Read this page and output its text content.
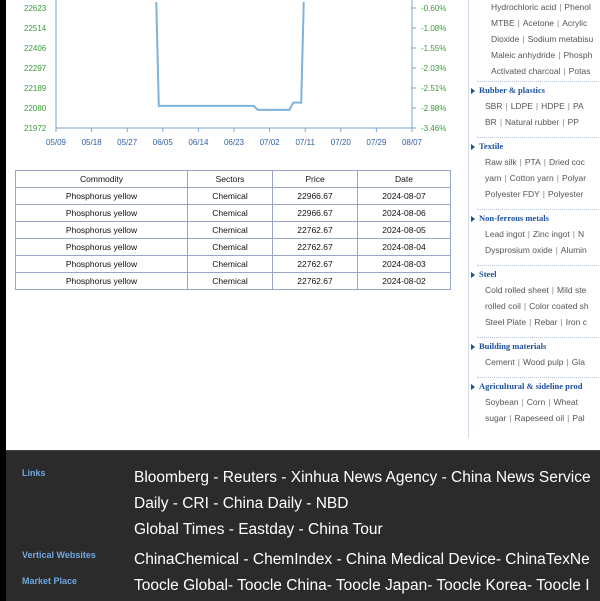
22623	-0.60%
22514	-1.08%
22406	-1.55%
22297	-2.03%
22189	-2.51%
22080	-2.98%
21972	-3.46%
05/09 05/18 05/27 06/05 06/14 06/23 07/02 07/11 07/20 07/29 08/07
Commodity	Sectors	Price	Date
Phosphorus yellow	Chemical	22966.67	2024-08-07
Phosphorus yellow	Chemical	22966.67	2024-08-06
Phosphorus yellow	Chemical	22762.67	2024-08-05
Phosphorus yellow	Chemical	22762.67	2024-08-04
Phosphorus yellow	Chemical	22762.67	2024-08-03
Phosphorus yellow	Chemical	22762.67	2024-08-02
Hydrochloric acid | Phenol
MTBE | Acetone | Acrylic
Dioxide | Sodium metabisu
Maleic anhydride | Phosph
Activated charcoal | Potas
Rubber & plastics
SBR | LDPE | HDPE | PA
BR | Natural rubber | PP
Textile
Raw silk | PTA | Dried coc
yarn | Cotton yarn | Polyar
Polyester FDY | Polyester
Non-ferrous metals
Lead ingot | Zinc ingot | N
Dysprosium oxide | Alumin
Steel
Cold rolled sheet | Mild ste
rolled coil | Color coated sh
Steel Plate | Rebar | Iron c
Building materials
Cement | Wood pulp | Gla
Agricultural & sideline prod
Soybean | Corn | Wheat
sugar | Rapeseed oil | Pal
Links	Bloomberg - Reuters - Xinhua News Agency - China News Service
Daily - CRI - China Daily - NBD
Global Times - Eastday - China Tour
Vertical Websites ChinaChemical - ChemIndex - China Medical Device- ChinaTexNe
Market Place	Toocle Global- Toocle China- Toocle Japan- Toocle Korea- Toocle I
